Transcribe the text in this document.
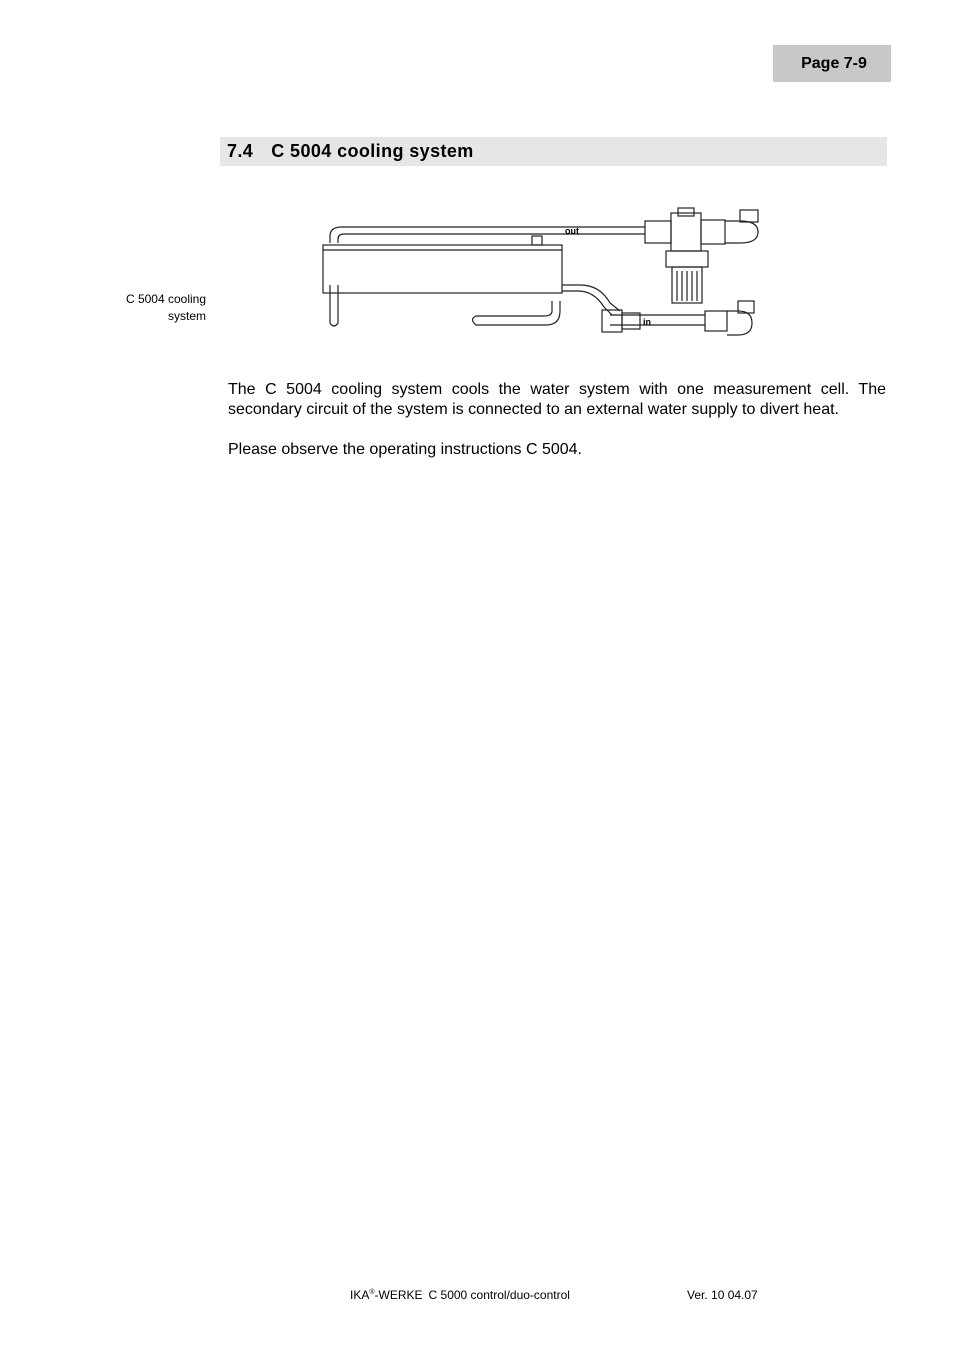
Page 7-9
7.4 C 5004 cooling system
C 5004 cooling
system
out
in

The C 5004 cooling system cools the water system with one measurement cell. The secondary circuit of the system is connected to an external water supply to divert heat.

Please observe the operating instructions C 5004.

IKA®-WERKE C 5000 control/duo-control	Ver. 10 04.07
